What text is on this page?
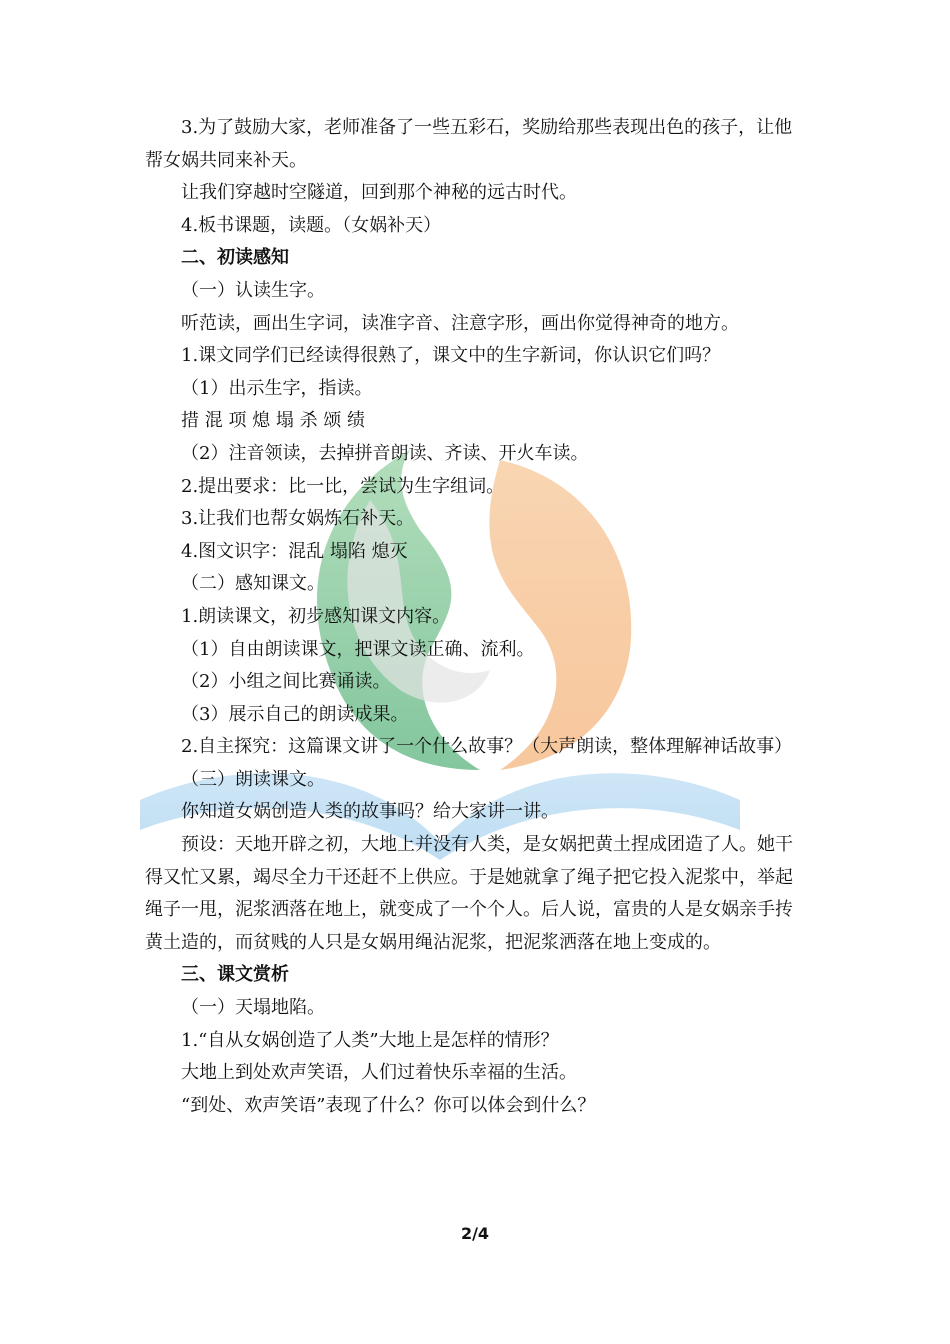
3.为了鼓励大家，老师准备了一些五彩石，奖励给那些表现出色的孩子，让他帮女娲共同来补天。

让我们穿越时空隧道，回到那个神秘的远古时代。

4.板书课题，读题。（女娲补天）

二、初读感知

（一）认读生字。

听范读，画出生字词，读准字音、注意字形，画出你觉得神奇的地方。

1.课文同学们已经读得很熟了，课文中的生字新词，你认识它们吗？

（1）出示生字，指读。

措 混 项 熄 塌 杀 颂 绩

（2）注音领读，去掉拼音朗读、齐读、开火车读。

2.提出要求：比一比，尝试为生字组词。

3.让我们也帮女娲炼石补天。

4.图文识字：混乱 塌陷 熄灭

（二）感知课文。

1.朗读课文，初步感知课文内容。

（1）自由朗读课文，把课文读正确、流利。

（2）小组之间比赛诵读。

（3）展示自己的朗读成果。

2.自主探究：这篇课文讲了一个什么故事？（大声朗读，整体理解神话故事）

（三）朗读课文。

你知道女娲创造人类的故事吗？给大家讲一讲。

预设：天地开辟之初，大地上并没有人类，是女娲把黄土捏成团造了人。她干得又忙又累，竭尽全力干还赶不上供应。于是她就拿了绳子把它投入泥浆中，举起绳子一甩，泥浆洒落在地上，就变成了一个个人。后人说，富贵的人是女娲亲手抟黄土造的，而贫贱的人只是女娲用绳沾泥浆，把泥浆洒落在地上变成的。

三、课文赏析

（一）天塌地陷。

1.“自从女娲创造了人类”大地上是怎样的情形？

大地上到处欢声笑语，人们过着快乐幸福的生活。

“到处、欢声笑语”表现了什么？你可以体会到什么？

2/4
